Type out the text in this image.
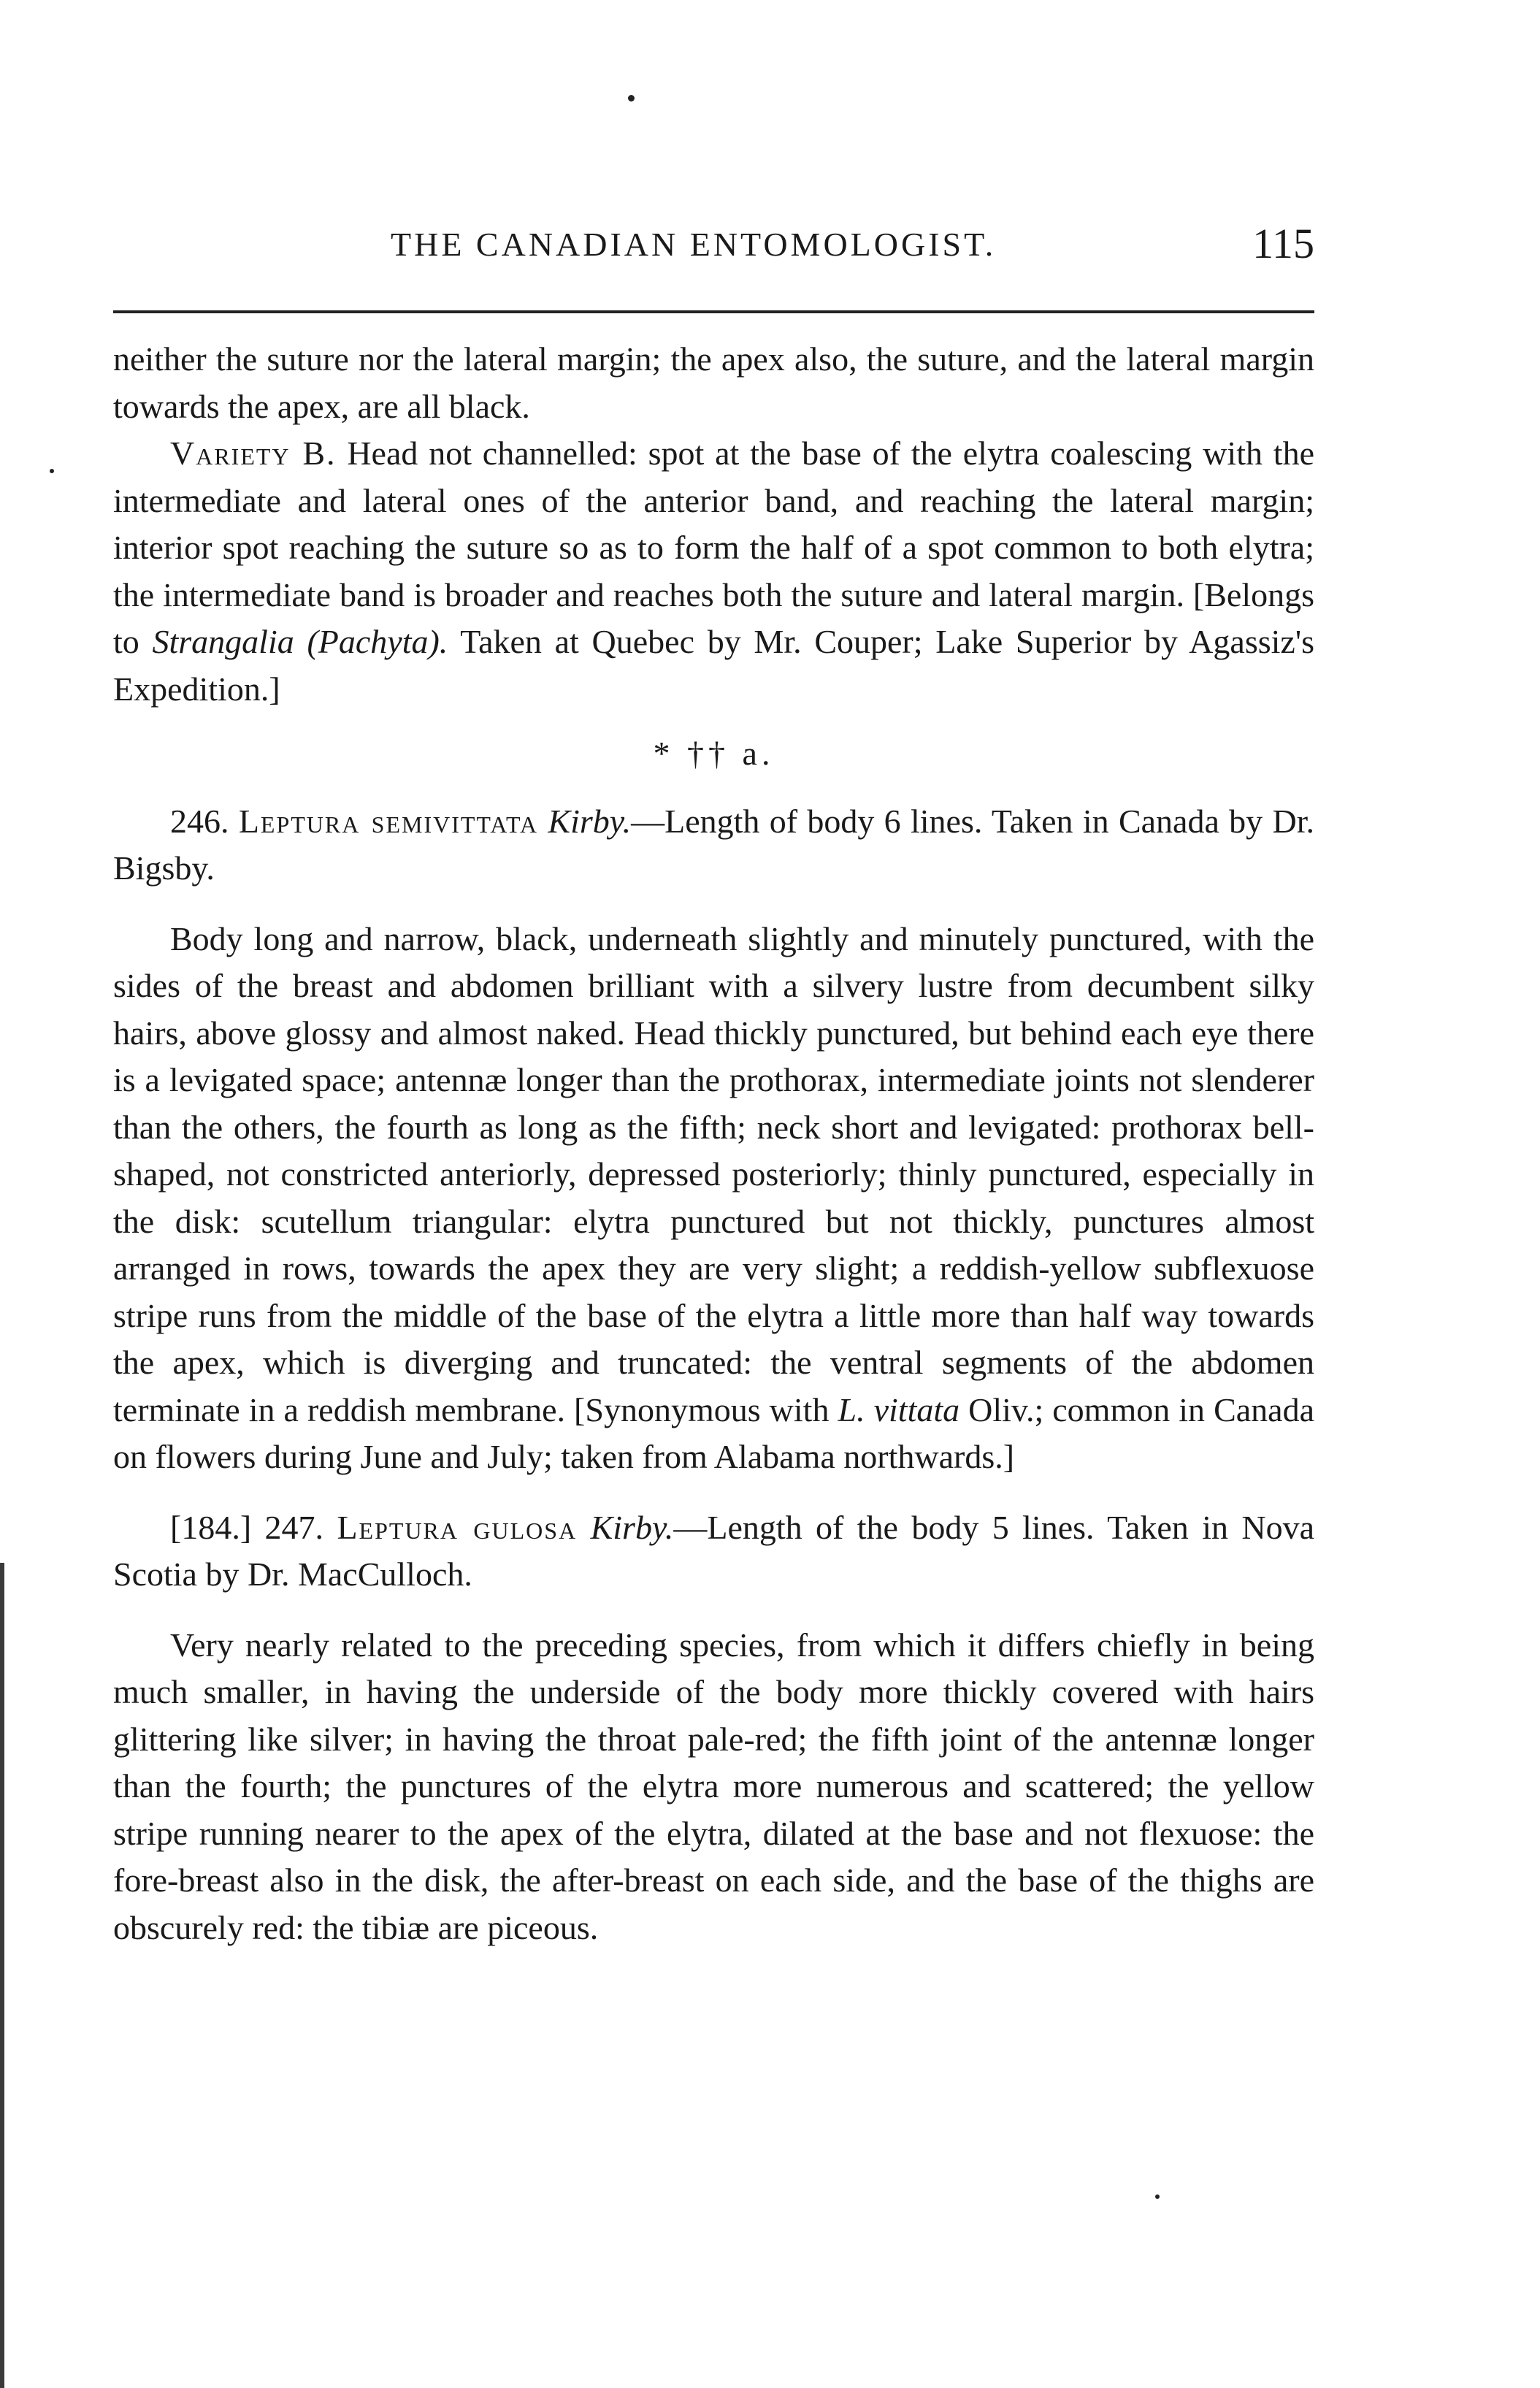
THE CANADIAN ENTOMOLOGIST.	115

neither the suture nor the lateral margin; the apex also, the suture, and the lateral margin towards the apex, are all black.

Variety B. Head not channelled: spot at the base of the elytra coalescing with the intermediate and lateral ones of the anterior band, and reaching the lateral margin; interior spot reaching the suture so as to form the half of a spot common to both elytra; the intermediate band is broader and reaches both the suture and lateral margin. [Belongs to Strangalia (Pachyta). Taken at Quebec by Mr. Couper; Lake Superior by Agassiz's Expedition.]

* †† a.

246. Leptura semivittata Kirby.—Length of body 6 lines. Taken in Canada by Dr. Bigsby.

Body long and narrow, black, underneath slightly and minutely punctured, with the sides of the breast and abdomen brilliant with a silvery lustre from decumbent silky hairs, above glossy and almost naked. Head thickly punctured, but behind each eye there is a levigated space; antennæ longer than the prothorax, intermediate joints not slenderer than the others, the fourth as long as the fifth; neck short and levigated: prothorax bell-shaped, not constricted anteriorly, depressed posteriorly; thinly punctured, especially in the disk: scutellum triangular: elytra punctured but not thickly, punctures almost arranged in rows, towards the apex they are very slight; a reddish-yellow subflexuose stripe runs from the middle of the base of the elytra a little more than half way towards the apex, which is diverging and truncated: the ventral segments of the abdomen terminate in a reddish membrane. [Synonymous with L. vittata Oliv.; common in Canada on flowers during June and July; taken from Alabama northwards.]

[184.] 247. Leptura gulosa Kirby.—Length of the body 5 lines. Taken in Nova Scotia by Dr. MacCulloch.

Very nearly related to the preceding species, from which it differs chiefly in being much smaller, in having the underside of the body more thickly covered with hairs glittering like silver; in having the throat pale-red; the fifth joint of the antennæ longer than the fourth; the punctures of the elytra more numerous and scattered; the yellow stripe running nearer to the apex of the elytra, dilated at the base and not flexuose: the fore-breast also in the disk, the after-breast on each side, and the base of the thighs are obscurely red: the tibiæ are piceous.
